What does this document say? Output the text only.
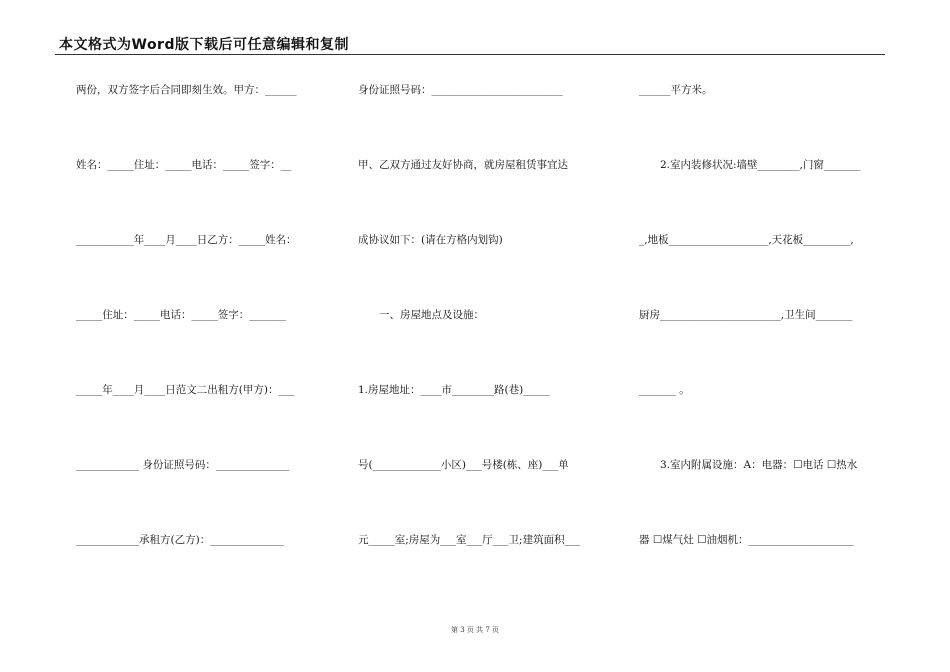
本文格式为Word版下载后可任意编辑和复制
两份，双方签字后合同即刻生效。甲方：______
姓名：_____住址：_____电话：_____签字：__
___________年____月____日乙方：_____姓名：
_____住址：_____电话：_____签字：_______
_____年____月____日范文二出租方(甲方)：___
____________ 身份证照号码：______________
____________承租方(乙方)：______________
身份证照号码：_________________________
甲、乙双方通过友好协商，就房屋租赁事宜达
成协议如下：(请在方格内划钩)
　　一、房屋地点及设施：
1.房屋地址：____市________路(巷)_____
号(_____________小区)___号楼(栋、座)___单
元_____室;房屋为___室___厅___卫;建筑面积___
______平方米。
　　2.室内装修状况:墙壁________,门窗_______
_,地板___________________,天花板_________,
厨房_______________________,卫生间_______
_______ 。
　　3.室内附属设施：A：电器：☐电话 ☐热水
器 ☐煤气灶 ☐油烟机：____________________
第 3 页 共 7 页
